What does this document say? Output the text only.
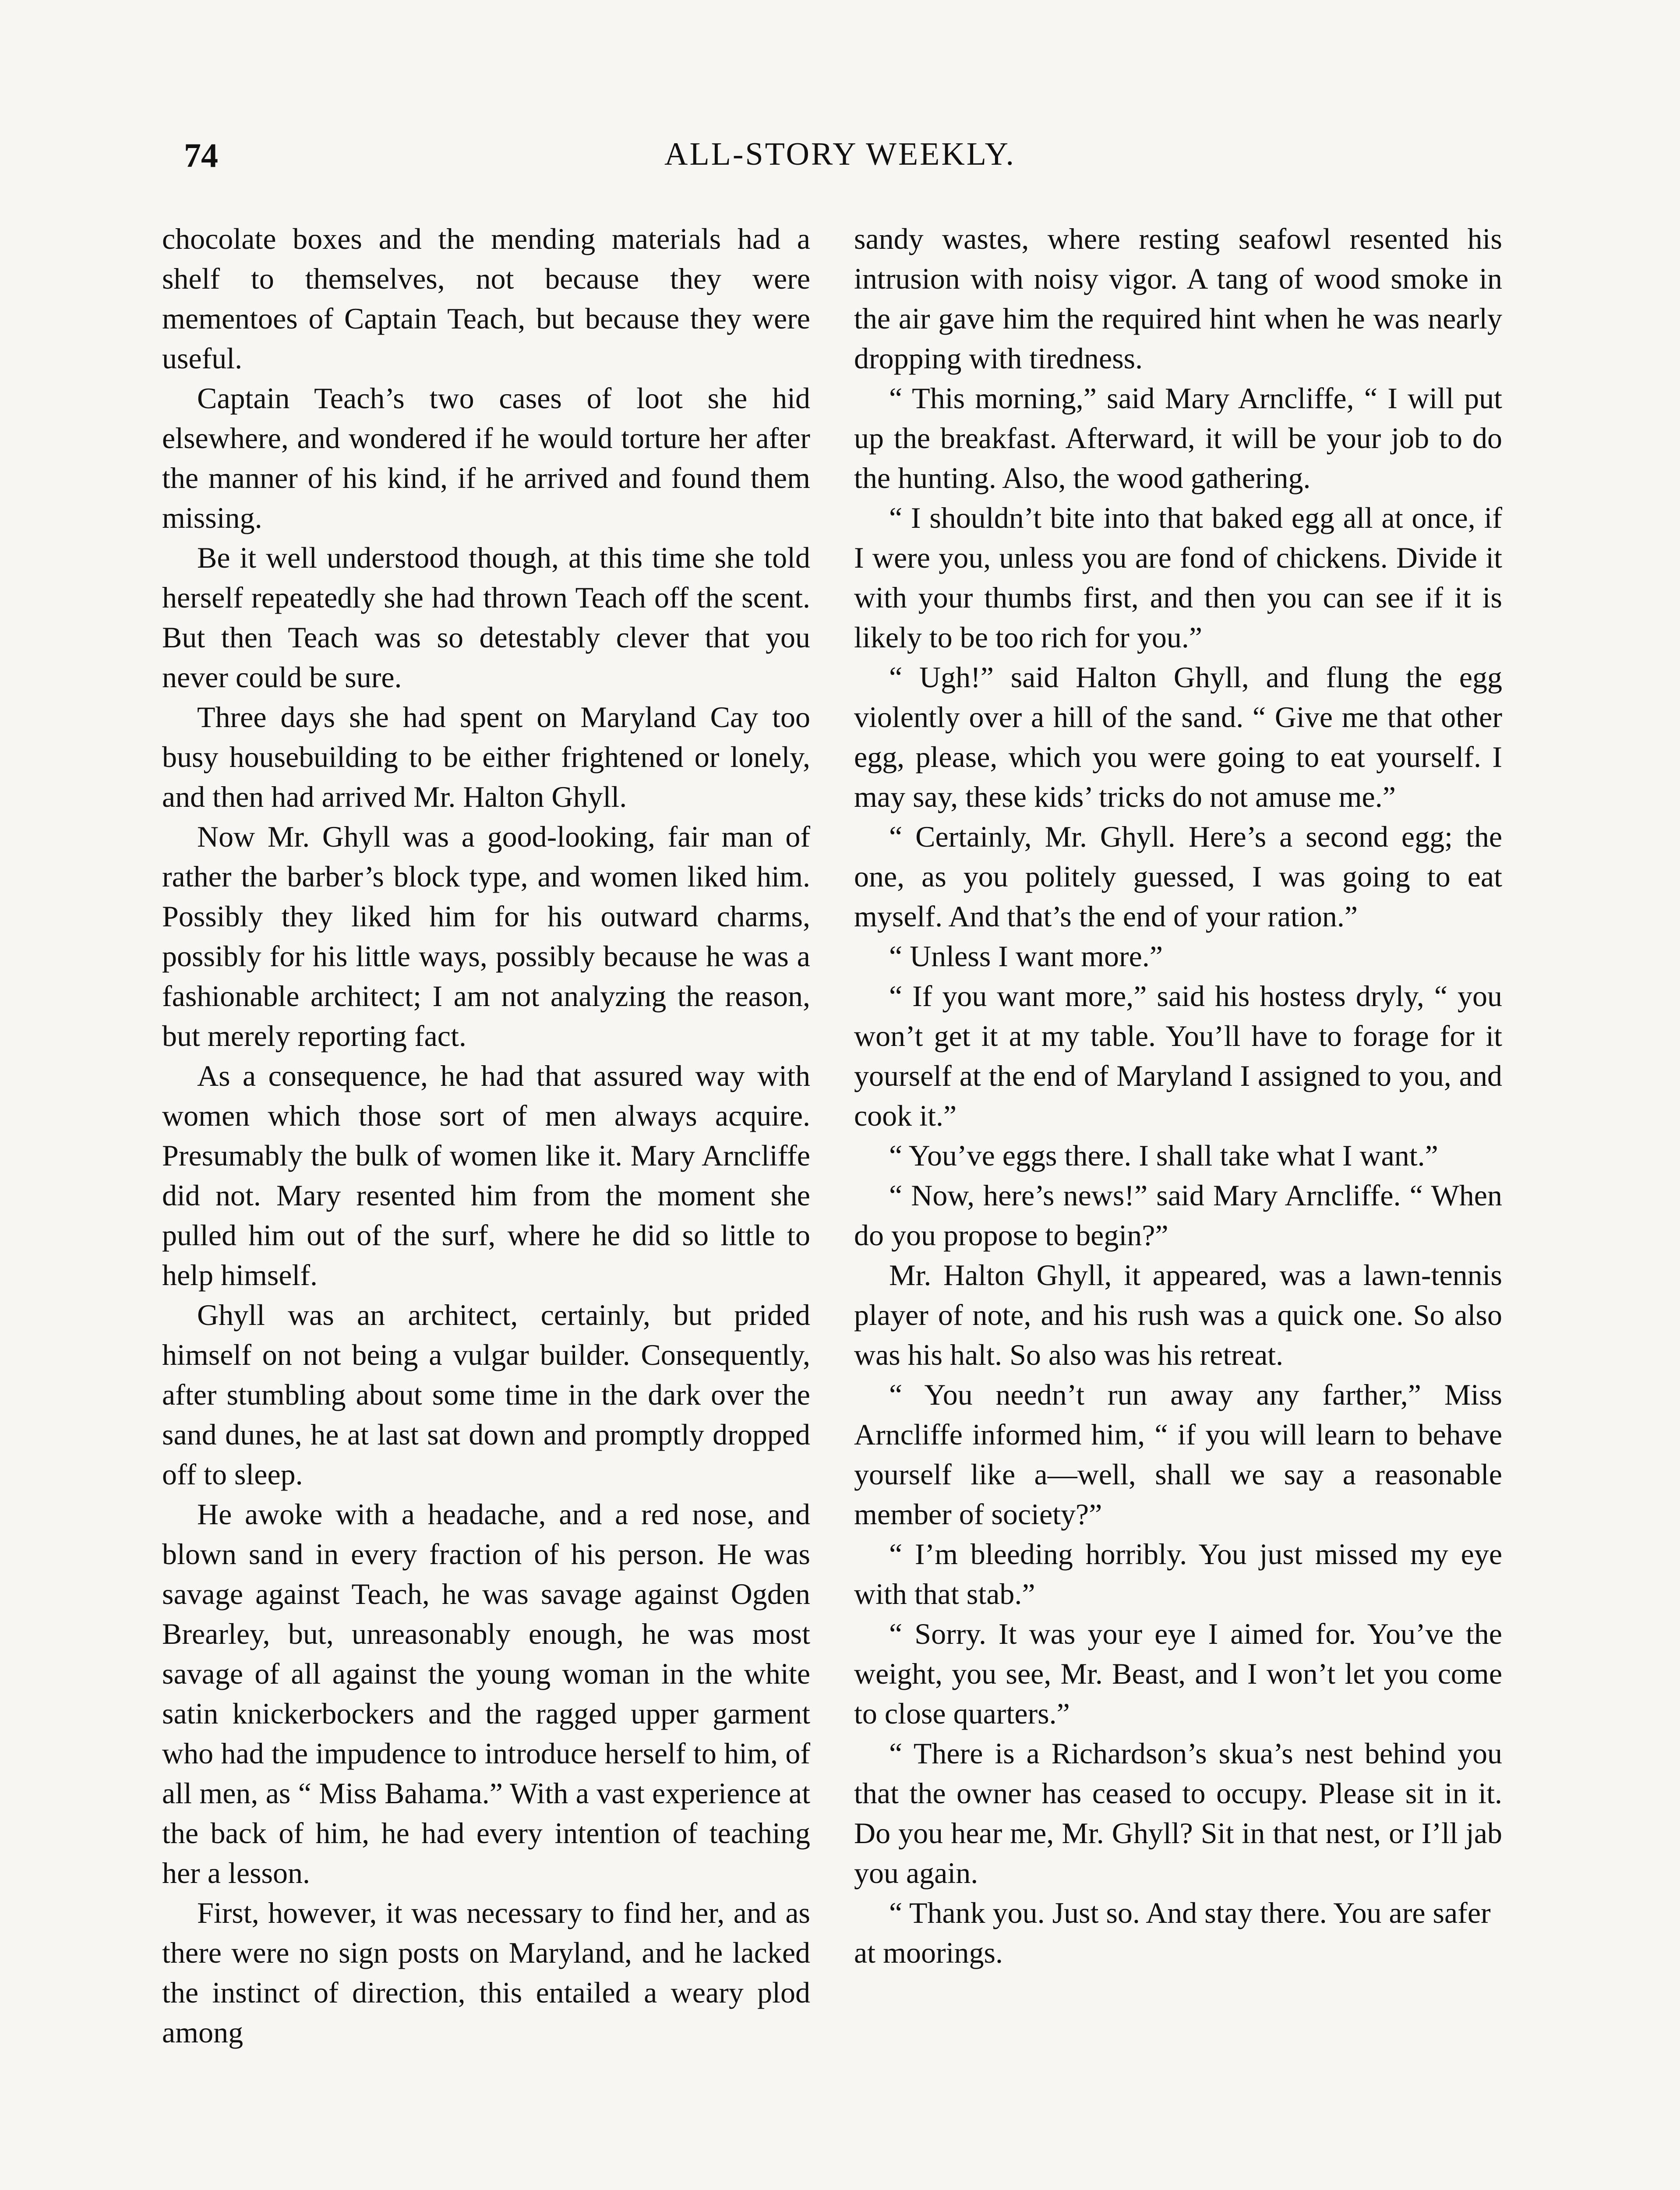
74	ALL-STORY WEEKLY.

chocolate boxes and the mending materials had a shelf to themselves, not because they were mementoes of Captain Teach, but because they were useful.

Captain Teach’s two cases of loot she hid elsewhere, and wondered if he would torture her after the manner of his kind, if he arrived and found them missing.

Be it well understood though, at this time she told herself repeatedly she had thrown Teach off the scent. But then Teach was so detestably clever that you never could be sure.

Three days she had spent on Maryland Cay too busy housebuilding to be either frightened or lonely, and then had arrived Mr. Halton Ghyll.

Now Mr. Ghyll was a good-looking, fair man of rather the barber’s block type, and women liked him. Possibly they liked him for his outward charms, possibly for his little ways, possibly because he was a fashionable architect; I am not analyzing the reason, but merely reporting fact.

As a consequence, he had that assured way with women which those sort of men always acquire. Presumably the bulk of women like it. Mary Arncliffe did not. Mary resented him from the moment she pulled him out of the surf, where he did so little to help himself.

Ghyll was an architect, certainly, but prided himself on not being a vulgar builder. Consequently, after stumbling about some time in the dark over the sand dunes, he at last sat down and promptly dropped off to sleep.

He awoke with a headache, and a red nose, and blown sand in every fraction of his person. He was savage against Teach, he was savage against Ogden Brearley, but, unreasonably enough, he was most savage of all against the young woman in the white satin knickerbockers and the ragged upper garment who had the impudence to introduce herself to him, of all men, as “ Miss Bahama.” With a vast experience at the back of him, he had every intention of teaching her a lesson.

First, however, it was necessary to find her, and as there were no sign posts on Maryland, and he lacked the instinct of direction, this entailed a weary plod among

sandy wastes, where resting seafowl resented his intrusion with noisy vigor. A tang of wood smoke in the air gave him the required hint when he was nearly dropping with tiredness.

“ This morning,” said Mary Arncliffe, “ I will put up the breakfast. Afterward, it will be your job to do the hunting. Also, the wood gathering.

“ I shouldn’t bite into that baked egg all at once, if I were you, unless you are fond of chickens. Divide it with your thumbs first, and then you can see if it is likely to be too rich for you.”

“ Ugh!” said Halton Ghyll, and flung the egg violently over a hill of the sand. “ Give me that other egg, please, which you were going to eat yourself. I may say, these kids’ tricks do not amuse me.”

“ Certainly, Mr. Ghyll. Here’s a second egg; the one, as you politely guessed, I was going to eat myself. And that’s the end of your ration.”

“ Unless I want more.”

“ If you want more,” said his hostess dryly, “ you won’t get it at my table. You’ll have to forage for it yourself at the end of Maryland I assigned to you, and cook it.”

“ You’ve eggs there. I shall take what I want.”

“ Now, here’s news!” said Mary Arncliffe. “ When do you propose to begin?”

Mr. Halton Ghyll, it appeared, was a lawn-tennis player of note, and his rush was a quick one. So also was his halt. So also was his retreat.

“ You needn’t run away any farther,” Miss Arncliffe informed him, “ if you will learn to behave yourself like a—well, shall we say a reasonable member of society?”

“ I’m bleeding horribly. You just missed my eye with that stab.”

“ Sorry. It was your eye I aimed for. You’ve the weight, you see, Mr. Beast, and I won’t let you come to close quarters.”

“ There is a Richardson’s skua’s nest behind you that the owner has ceased to occupy. Please sit in it. Do you hear me, Mr. Ghyll? Sit in that nest, or I’ll jab you again.

“ Thank you. Just so. And stay there. You are safer at moorings.
